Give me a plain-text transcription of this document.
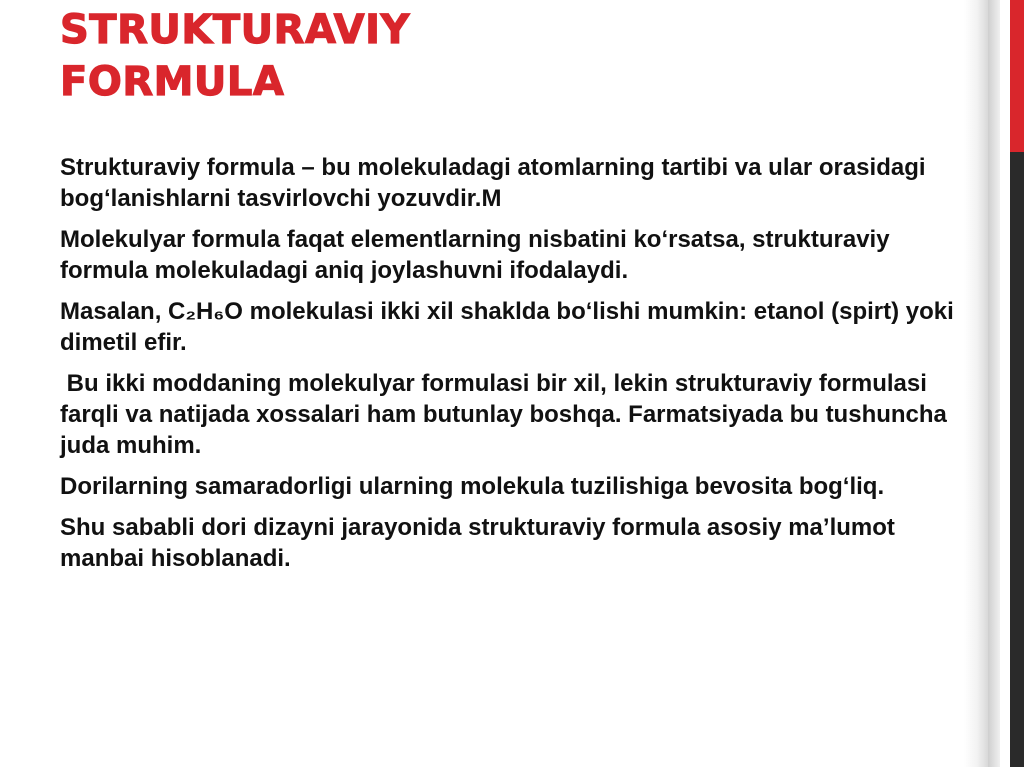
STRUKTURAVIY
FORMULA

Strukturaviy formula – bu molekuladagi atomlarning tartibi va ular orasidagi bog‘lanishlarni tasvirlovchi yozuvdir.M

Molekulyar formula faqat elementlarning nisbatini ko‘rsatsa, strukturaviy formula molekuladagi aniq joylashuvni ifodalaydi.

Masalan, C₂H₆O molekulasi ikki xil shaklda bo‘lishi mumkin: etanol (spirt) yoki dimetil efir.

Bu ikki moddaning molekulyar formulasi bir xil, lekin strukturaviy formulasi farqli va natijada xossalari ham butunlay boshqa. Farmatsiyada bu tushuncha juda muhim.

Dorilarning samaradorligi ularning molekula tuzilishiga bevosita bog‘liq.

Shu sababli dori dizayni jarayonida strukturaviy formula asosiy ma’lumot manbai hisoblanadi.
